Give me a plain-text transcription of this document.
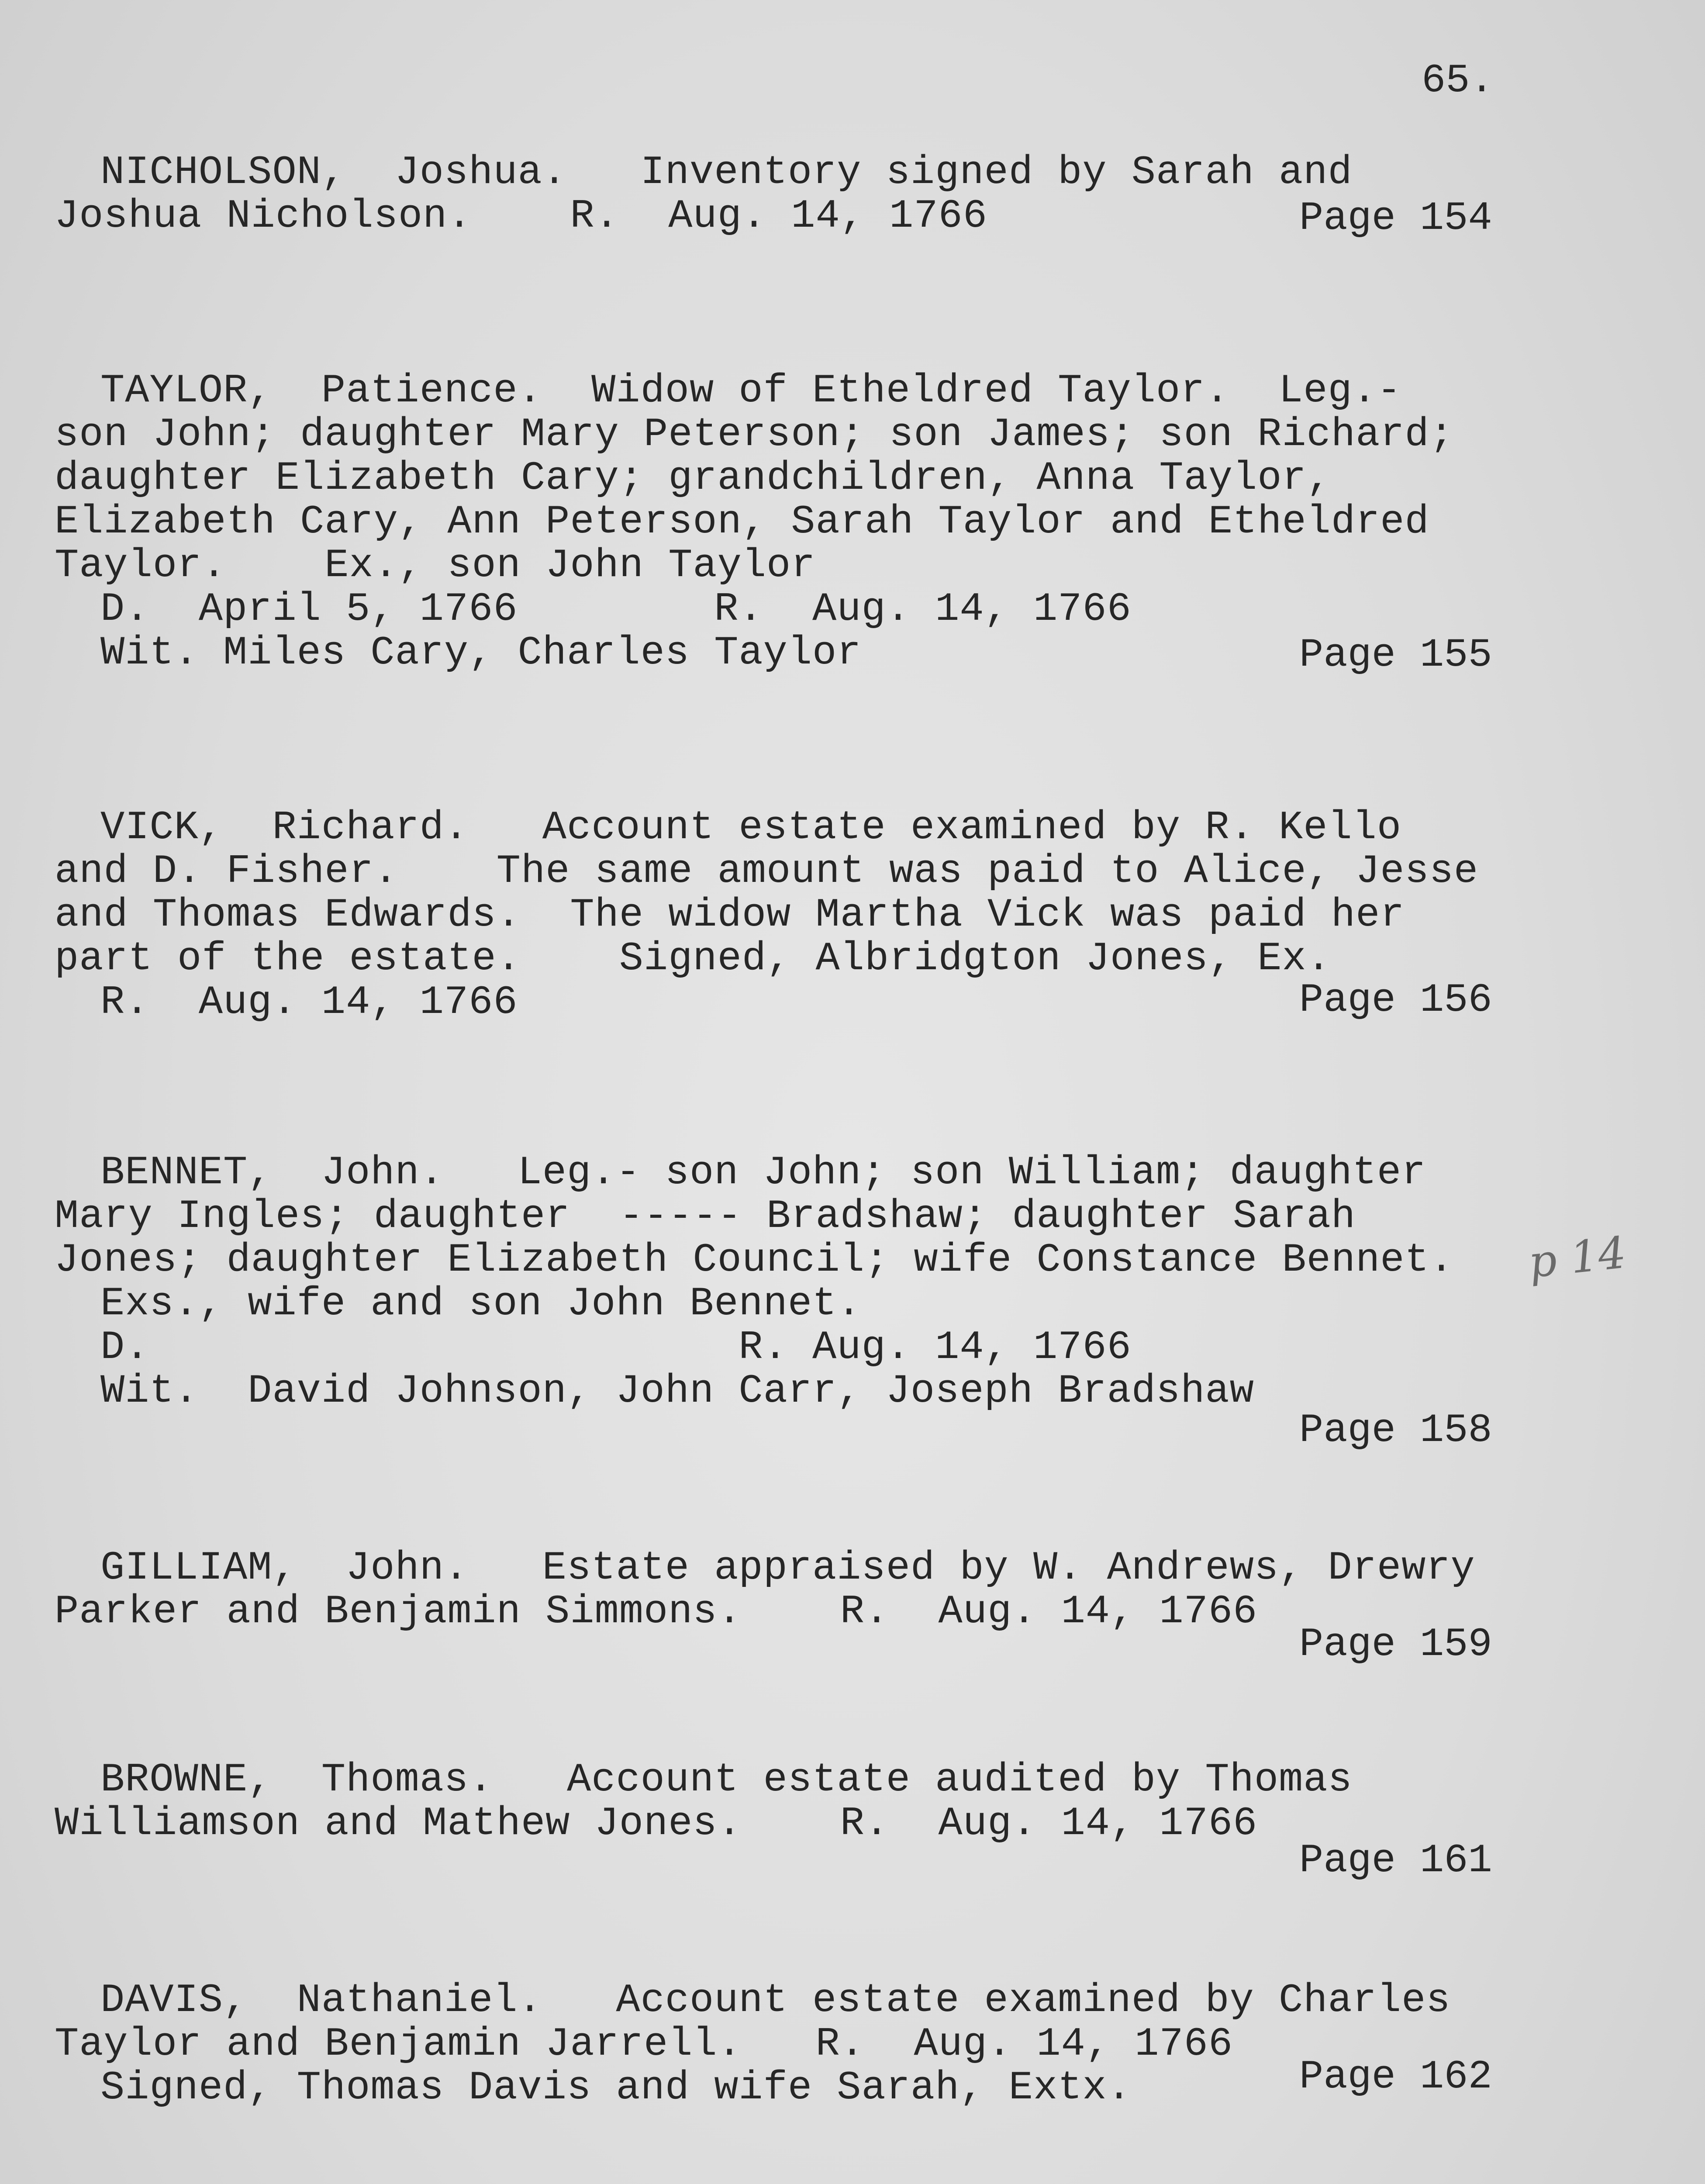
65.
NICHOLSON,  Joshua.   Inventory signed by Sarah and
Joshua Nicholson.    R.  Aug. 14, 1766	Page 154
TAYLOR,  Patience.  Widow of Etheldred Taylor.  Leg.-
son John; daughter Mary Peterson; son James; son Richard;
daughter Elizabeth Cary; grandchildren, Anna Taylor,
Elizabeth Cary, Ann Peterson, Sarah Taylor and Etheldred
Taylor.    Ex., son John Taylor
D.  April 5, 1766        R.  Aug. 14, 1766
Wit. Miles Cary, Charles Taylor	Page 155
VICK,  Richard.   Account estate examined by R. Kello
and D. Fisher.    The same amount was paid to Alice, Jesse
and Thomas Edwards.  The widow Martha Vick was paid her
part of the estate.    Signed, Albridgton Jones, Ex.
R.  Aug. 14, 1766	Page 156
BENNET,  John.   Leg.- son John; son William; daughter
Mary Ingles; daughter  ----- Bradshaw; daughter Sarah
Jones; daughter Elizabeth Council; wife Constance Bennet.
Exs., wife and son John Bennet.
D.                        R. Aug. 14, 1766
Wit.  David Johnson, John Carr, Joseph Bradshaw
Page 158
GILLIAM,  John.   Estate appraised by W. Andrews, Drewry
Parker and Benjamin Simmons.    R.  Aug. 14, 1766
Page 159
BROWNE,  Thomas.   Account estate audited by Thomas
Williamson and Mathew Jones.    R.  Aug. 14, 1766
Page 161
DAVIS,  Nathaniel.   Account estate examined by Charles
Taylor and Benjamin Jarrell.   R.  Aug. 14, 1766
Signed, Thomas Davis and wife Sarah, Extx.	Page 162
p 14
